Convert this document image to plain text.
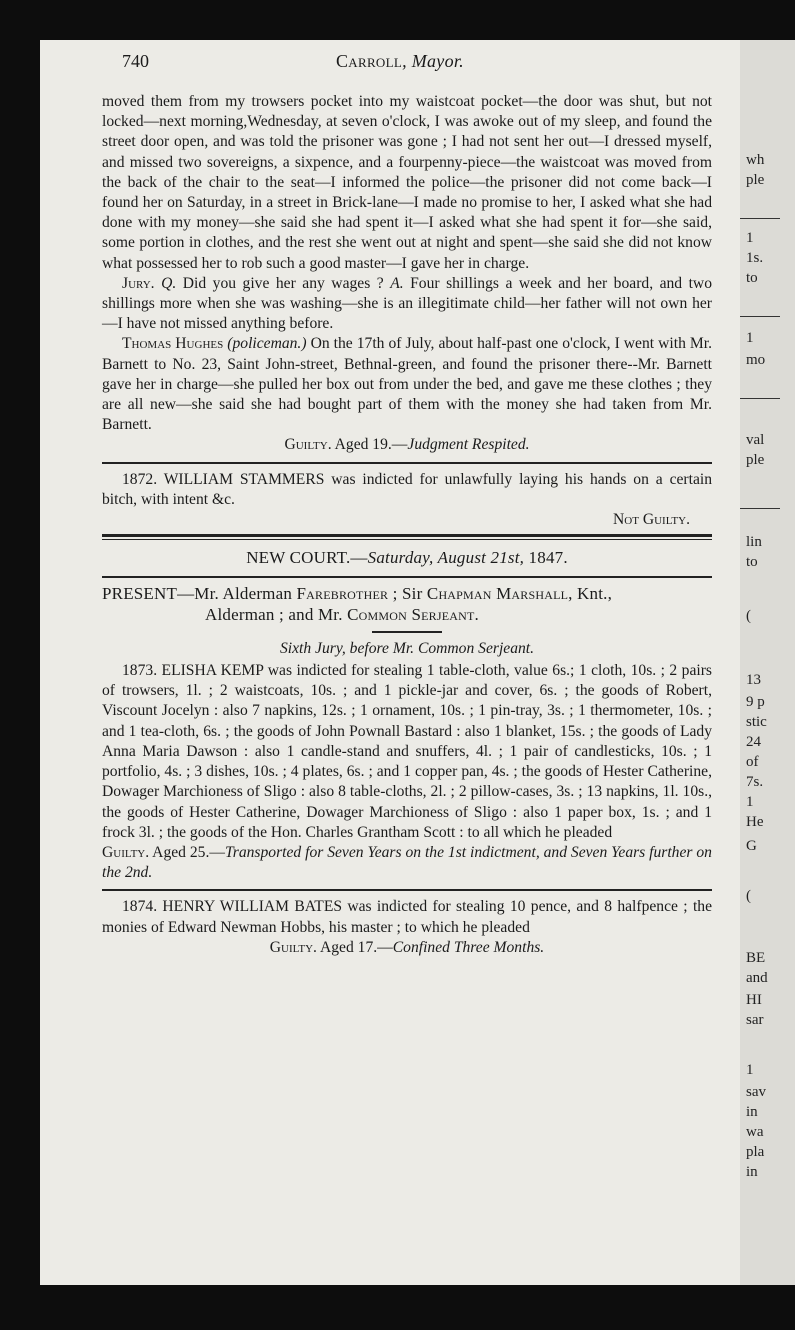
740	Carroll, Mayor.

moved them from my trowsers pocket into my waistcoat pocket—the door was shut, but not locked—next morning,Wednesday, at seven o'clock, I was awoke out of my sleep, and found the street door open, and was told the prisoner was gone ; I had not sent her out—I dressed myself, and missed two sovereigns, a sixpence, and a fourpenny-piece—the waistcoat was moved from the back of the chair to the seat—I informed the police—the prisoner did not come back—I found her on Saturday, in a street in Brick-lane—I made no promise to her, I asked what she had done with my money—she said she had spent it—I asked what she had spent it for—she said, some portion in clothes, and the rest she went out at night and spent—she said she did not know what possessed her to rob such a good master—I gave her in charge.

Jury. Q. Did you give her any wages ? A. Four shillings a week and her board, and two shillings more when she was washing—she is an illegitimate child—her father will not own her—I have not missed anything before.

Thomas Hughes (policeman.) On the 17th of July, about half-past one o'clock, I went with Mr. Barnett to No. 23, Saint John-street, Bethnal-green, and found the prisoner there--Mr. Barnett gave her in charge—she pulled her box out from under the bed, and gave me these clothes ; they are all new—she said she had bought part of them with the money she had taken from Mr. Barnett.

Guilty. Aged 19.—Judgment Respited.

1872. WILLIAM STAMMERS was indicted for unlawfully laying his hands on a certain bitch, with intent &c.

Not Guilty.

NEW COURT.—Saturday, August 21st, 1847.

PRESENT—Mr. Alderman Farebrother ; Sir Chapman Marshall, Knt.,

Alderman ; and Mr. Common Serjeant.

Sixth Jury, before Mr. Common Serjeant.

1873. ELISHA KEMP was indicted for stealing 1 table-cloth, value 6s.; 1 cloth, 10s. ; 2 pairs of trowsers, 1l. ; 2 waistcoats, 10s. ; and 1 pickle-jar and cover, 6s. ; the goods of Robert, Viscount Jocelyn : also 7 napkins, 12s. ; 1 ornament, 10s. ; 1 pin-tray, 3s. ; 1 thermometer, 10s. ; and 1 tea-cloth, 6s. ; the goods of John Pownall Bastard : also 1 blanket, 15s. ; the goods of Lady Anna Maria Dawson : also 1 candle-stand and snuffers, 4l. ; 1 pair of candlesticks, 10s. ; 1 portfolio, 4s. ; 3 dishes, 10s. ; 4 plates, 6s. ; and 1 copper pan, 4s. ; the goods of Hester Catherine, Dowager Marchioness of Sligo : also 8 table-cloths, 2l. ; 2 pillow-cases, 3s. ; 13 napkins, 1l. 10s., the goods of Hester Catherine, Dowager Marchioness of Sligo : also 1 paper box, 1s. ; and 1 frock 3l. ; the goods of the Hon. Charles Grantham Scott : to all which he pleaded

Guilty. Aged 25.—Transported for Seven Years on the 1st indictment, and Seven Years further on the 2nd.

1874. HENRY WILLIAM BATES was indicted for stealing 10 pence, and 8 halfpence ; the monies of Edward Newman Hobbs, his master ; to which he pleaded

Guilty. Aged 17.—Confined Three Months.

wh
ple
1
1s.
to
1
mo
val
ple
lin
to
(
13
9 p
stic
24
of
7s.
1
He
G
(
BE
and
HI
sar
1
sav
in
wa
pla
in
